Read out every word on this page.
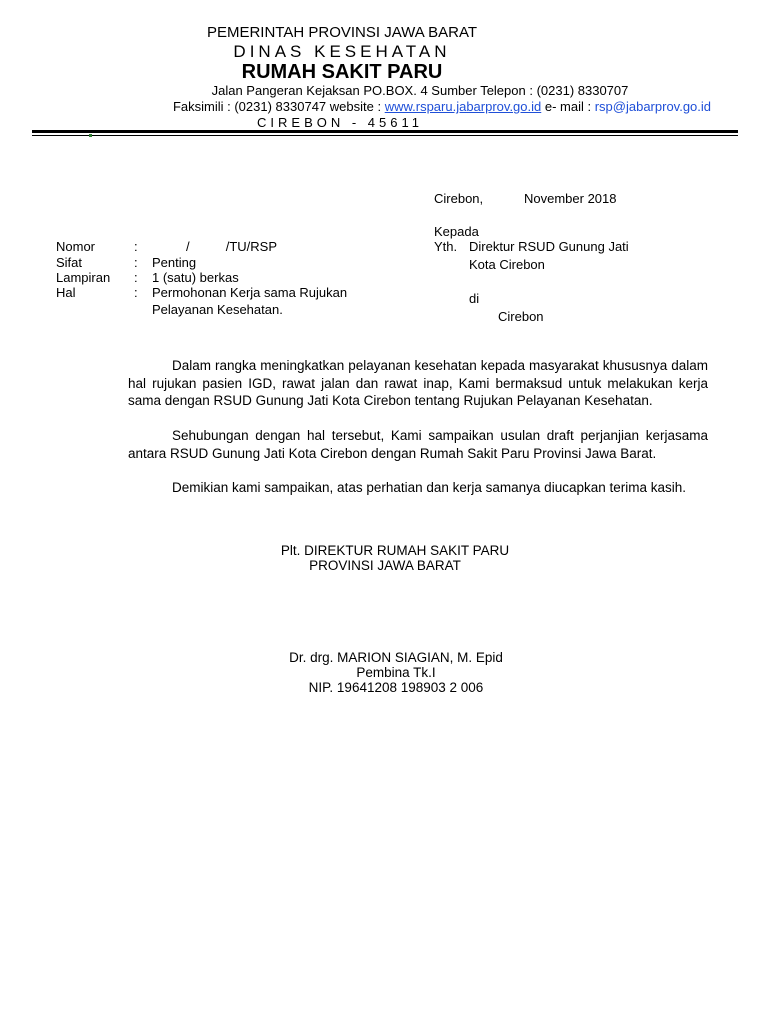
PEMERINTAH PROVINSI JAWA BARAT
DINAS KESEHATAN
RUMAH SAKIT PARU
Jalan Pangeran Kejaksan PO.BOX. 4 Sumber Telepon : (0231) 8330707
Faksimili : (0231) 8330747 website : www.rsparu.jabarprov.go.id e- mail : rsp@jabarprov.go.id
CIREBON - 45611
Cirebon,	November 2018
Kepada
Yth. Direktur RSUD Gunung Jati
Kota Cirebon
di
Cirebon
Nomor	:	/          /TU/RSP
Sifat	: Penting
Lampiran : 1 (satu) berkas
Hal	: Permohonan Kerja sama Rujukan
Pelayanan Kesehatan.
Dalam rangka meningkatkan pelayanan kesehatan kepada masyarakat khususnya dalam hal rujukan pasien IGD, rawat jalan dan rawat inap, Kami bermaksud untuk melakukan kerja sama dengan RSUD Gunung Jati Kota Cirebon tentang Rujukan Pelayanan Kesehatan.
Sehubungan dengan hal tersebut, Kami sampaikan usulan draft perjanjian kerjasama antara RSUD Gunung Jati Kota Cirebon dengan Rumah Sakit Paru Provinsi Jawa Barat.
Demikian kami sampaikan, atas perhatian dan kerja samanya diucapkan terima kasih.
Plt. DIREKTUR RUMAH SAKIT PARU
PROVINSI JAWA BARAT
Dr. drg. MARION SIAGIAN, M. Epid
Pembina Tk.I
NIP. 19641208 198903 2 006
